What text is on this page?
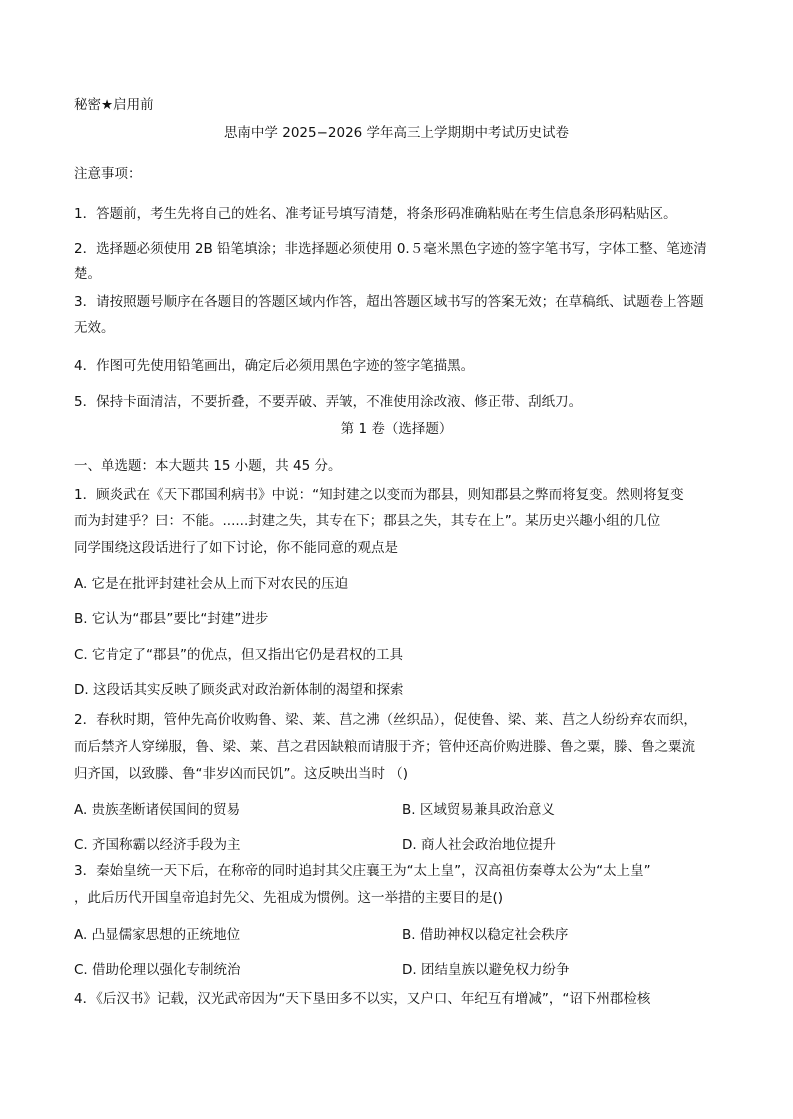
秘密★启用前
思南中学 2025−2026 学年高三上学期期中考试历史试卷
注意事项：
1．答题前，考生先将自己的姓名、准考证号填写清楚，将条形码准确粘贴在考生信息条形码粘贴区。
2．选择题必须使用 2B 铅笔填涂；非选择题必须使用 0.５毫米黑色字迹的签字笔书写，字体工整、笔迹清
楚。
3．请按照题号顺序在各题目的答题区域内作答，超出答题区域书写的答案无效；在草稿纸、试题卷上答题
无效。
4．作图可先使用铅笔画出，确定后必须用黑色字迹的签字笔描黑。
5．保持卡面清洁，不要折叠，不要弄破、弄皱，不准使用涂改液、修正带、刮纸刀。
第 1 卷（选择题）
一、单选题：本大题共 15 小题，共 45 分。
1．顾炎武在《天下郡国利病书》中说：“知封建之以变而为郡县，则知郡县之弊而将复变。然则将复变
而为封建乎？曰：不能。......封建之失，其专在下；郡县之失，其专在上”。某历史兴趣小组的几位
同学围绕这段话进行了如下讨论，你不能同意的观点是
A. 它是在批评封建社会从上而下对农民的压迫
B. 它认为“郡县”要比“封建”进步
C. 它肯定了“郡县”的优点，但又指出它仍是君权的工具
D. 这段话其实反映了顾炎武对政治新体制的渴望和探索
2．春秋时期，管仲先高价收购鲁、梁、莱、莒之沸（丝织品），促使鲁、梁、莱、莒之人纷纷弃农而织，
而后禁齐人穿绨服，鲁、梁、莱、莒之君因缺粮而请服于齐；管仲还高价购进滕、鲁之粟，滕、鲁之粟流
归齐国，以致滕、鲁“非岁凶而民饥”。这反映出当时 （)
A. 贵族垄断诸侯国间的贸易	B. 区域贸易兼具政治意义
C. 齐国称霸以经济手段为主	D. 商人社会政治地位提升
3．秦始皇统一天下后，在称帝的同时追封其父庄襄王为“太上皇”，汉高祖仿秦尊太公为“太上皇”
，此后历代开国皇帝追封先父、先祖成为惯例。这一举措的主要目的是()
A. 凸显儒家思想的正统地位	B. 借助神权以稳定社会秩序
C. 借助伦理以强化专制统治	D. 团结皇族以避免权力纷争
4．《后汉书》记载，汉光武帝因为“天下垦田多不以实，又户口、年纪互有增减”，“诏下州郡检核
